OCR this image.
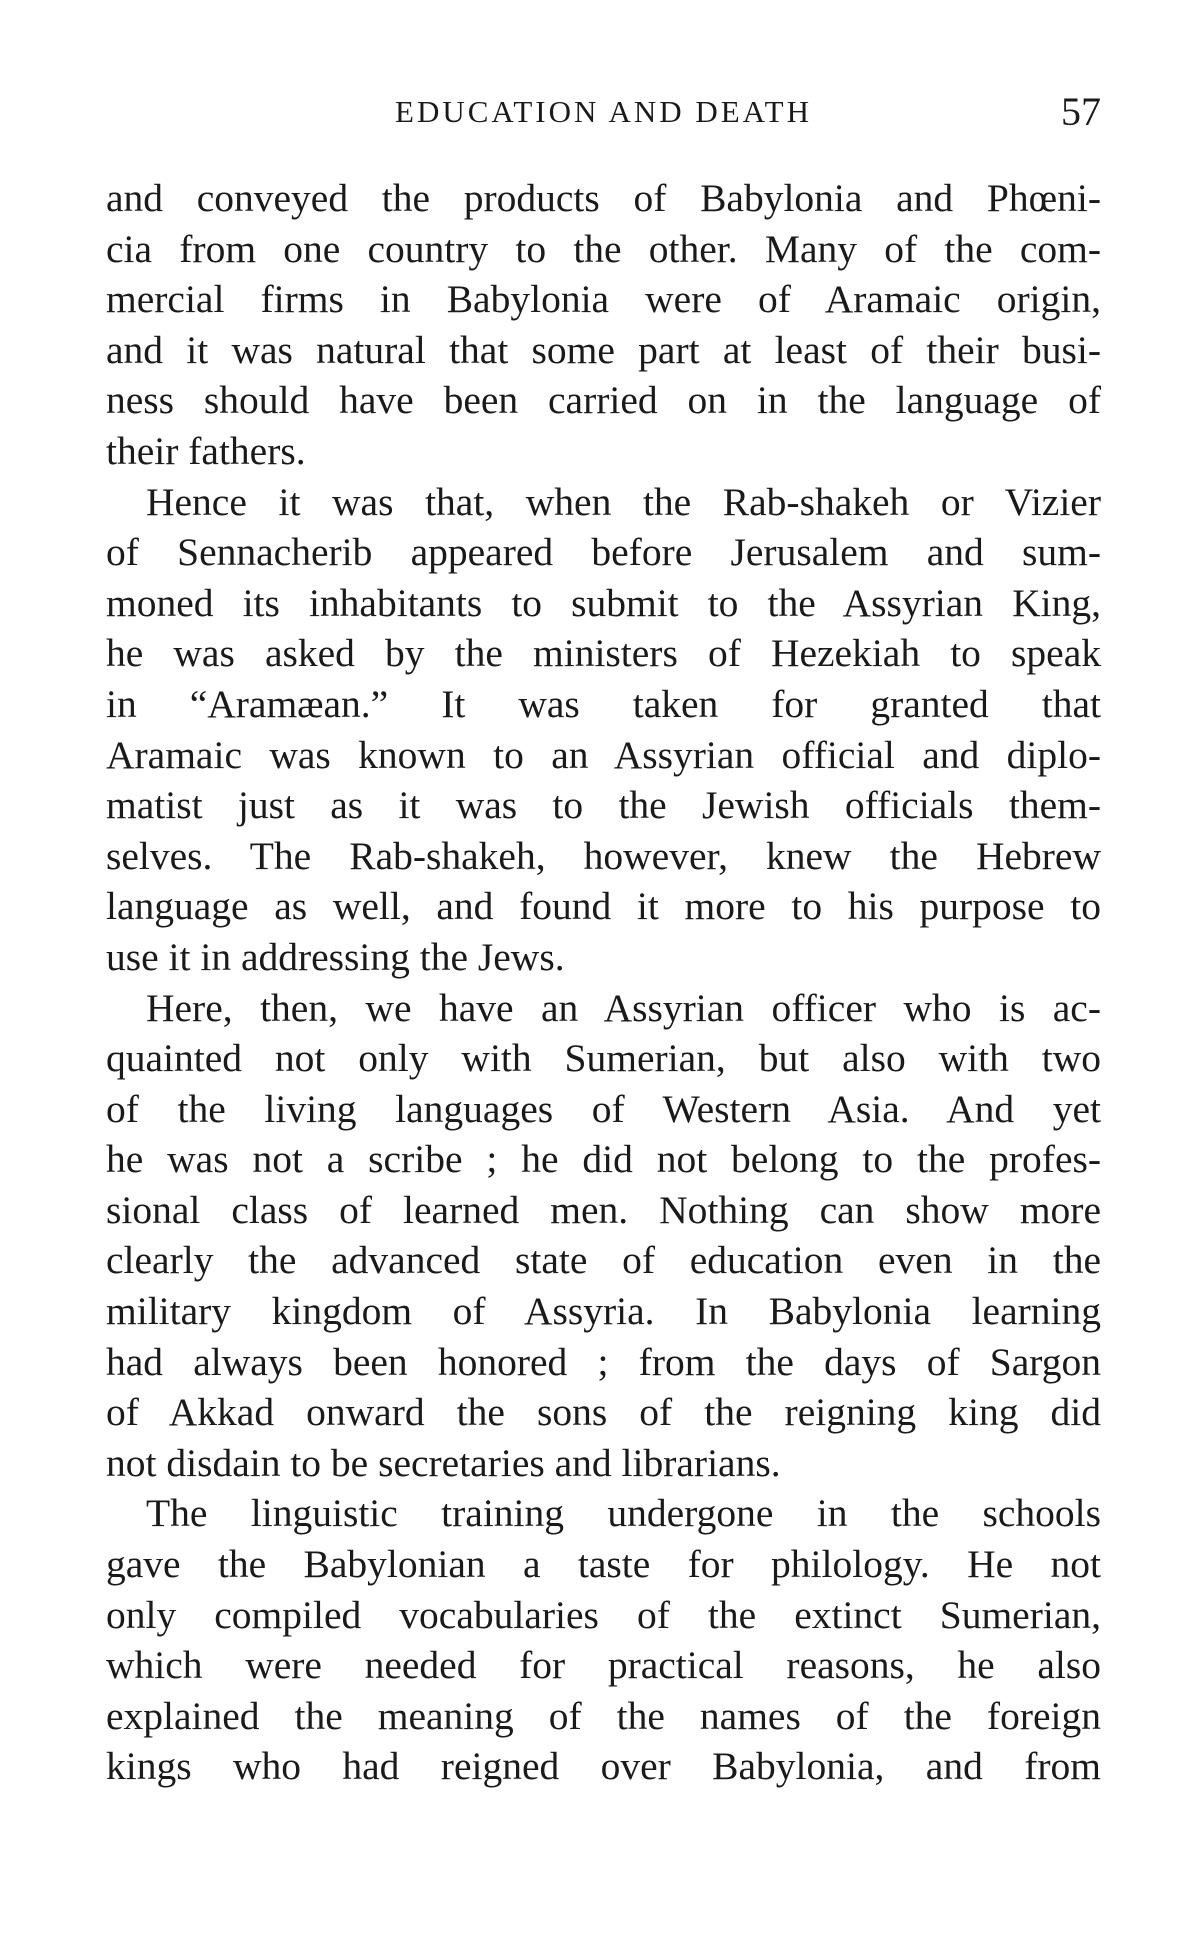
EDUCATION AND DEATH	57

and conveyed the products of Babylonia and Phœni-
cia from one country to the other. Many of the com-
mercial firms in Babylonia were of Aramaic origin,
and it was natural that some part at least of their busi-
ness should have been carried on in the language of
their fathers.

Hence it was that, when the Rab-shakeh or Vizier
of Sennacherib appeared before Jerusalem and sum-
moned its inhabitants to submit to the Assyrian King,
he was asked by the ministers of Hezekiah to speak
in “Aramæan.” It was taken for granted that
Aramaic was known to an Assyrian official and diplo-
matist just as it was to the Jewish officials them-
selves. The Rab-shakeh, however, knew the Hebrew
language as well, and found it more to his purpose to
use it in addressing the Jews.

Here, then, we have an Assyrian officer who is ac-
quainted not only with Sumerian, but also with two
of the living languages of Western Asia. And yet
he was not a scribe ; he did not belong to the profes-
sional class of learned men. Nothing can show more
clearly the advanced state of education even in the
military kingdom of Assyria. In Babylonia learning
had always been honored ; from the days of Sargon
of Akkad onward the sons of the reigning king did
not disdain to be secretaries and librarians.

The linguistic training undergone in the schools
gave the Babylonian a taste for philology. He not
only compiled vocabularies of the extinct Sumerian,
which were needed for practical reasons, he also
explained the meaning of the names of the foreign
kings who had reigned over Babylonia, and from
